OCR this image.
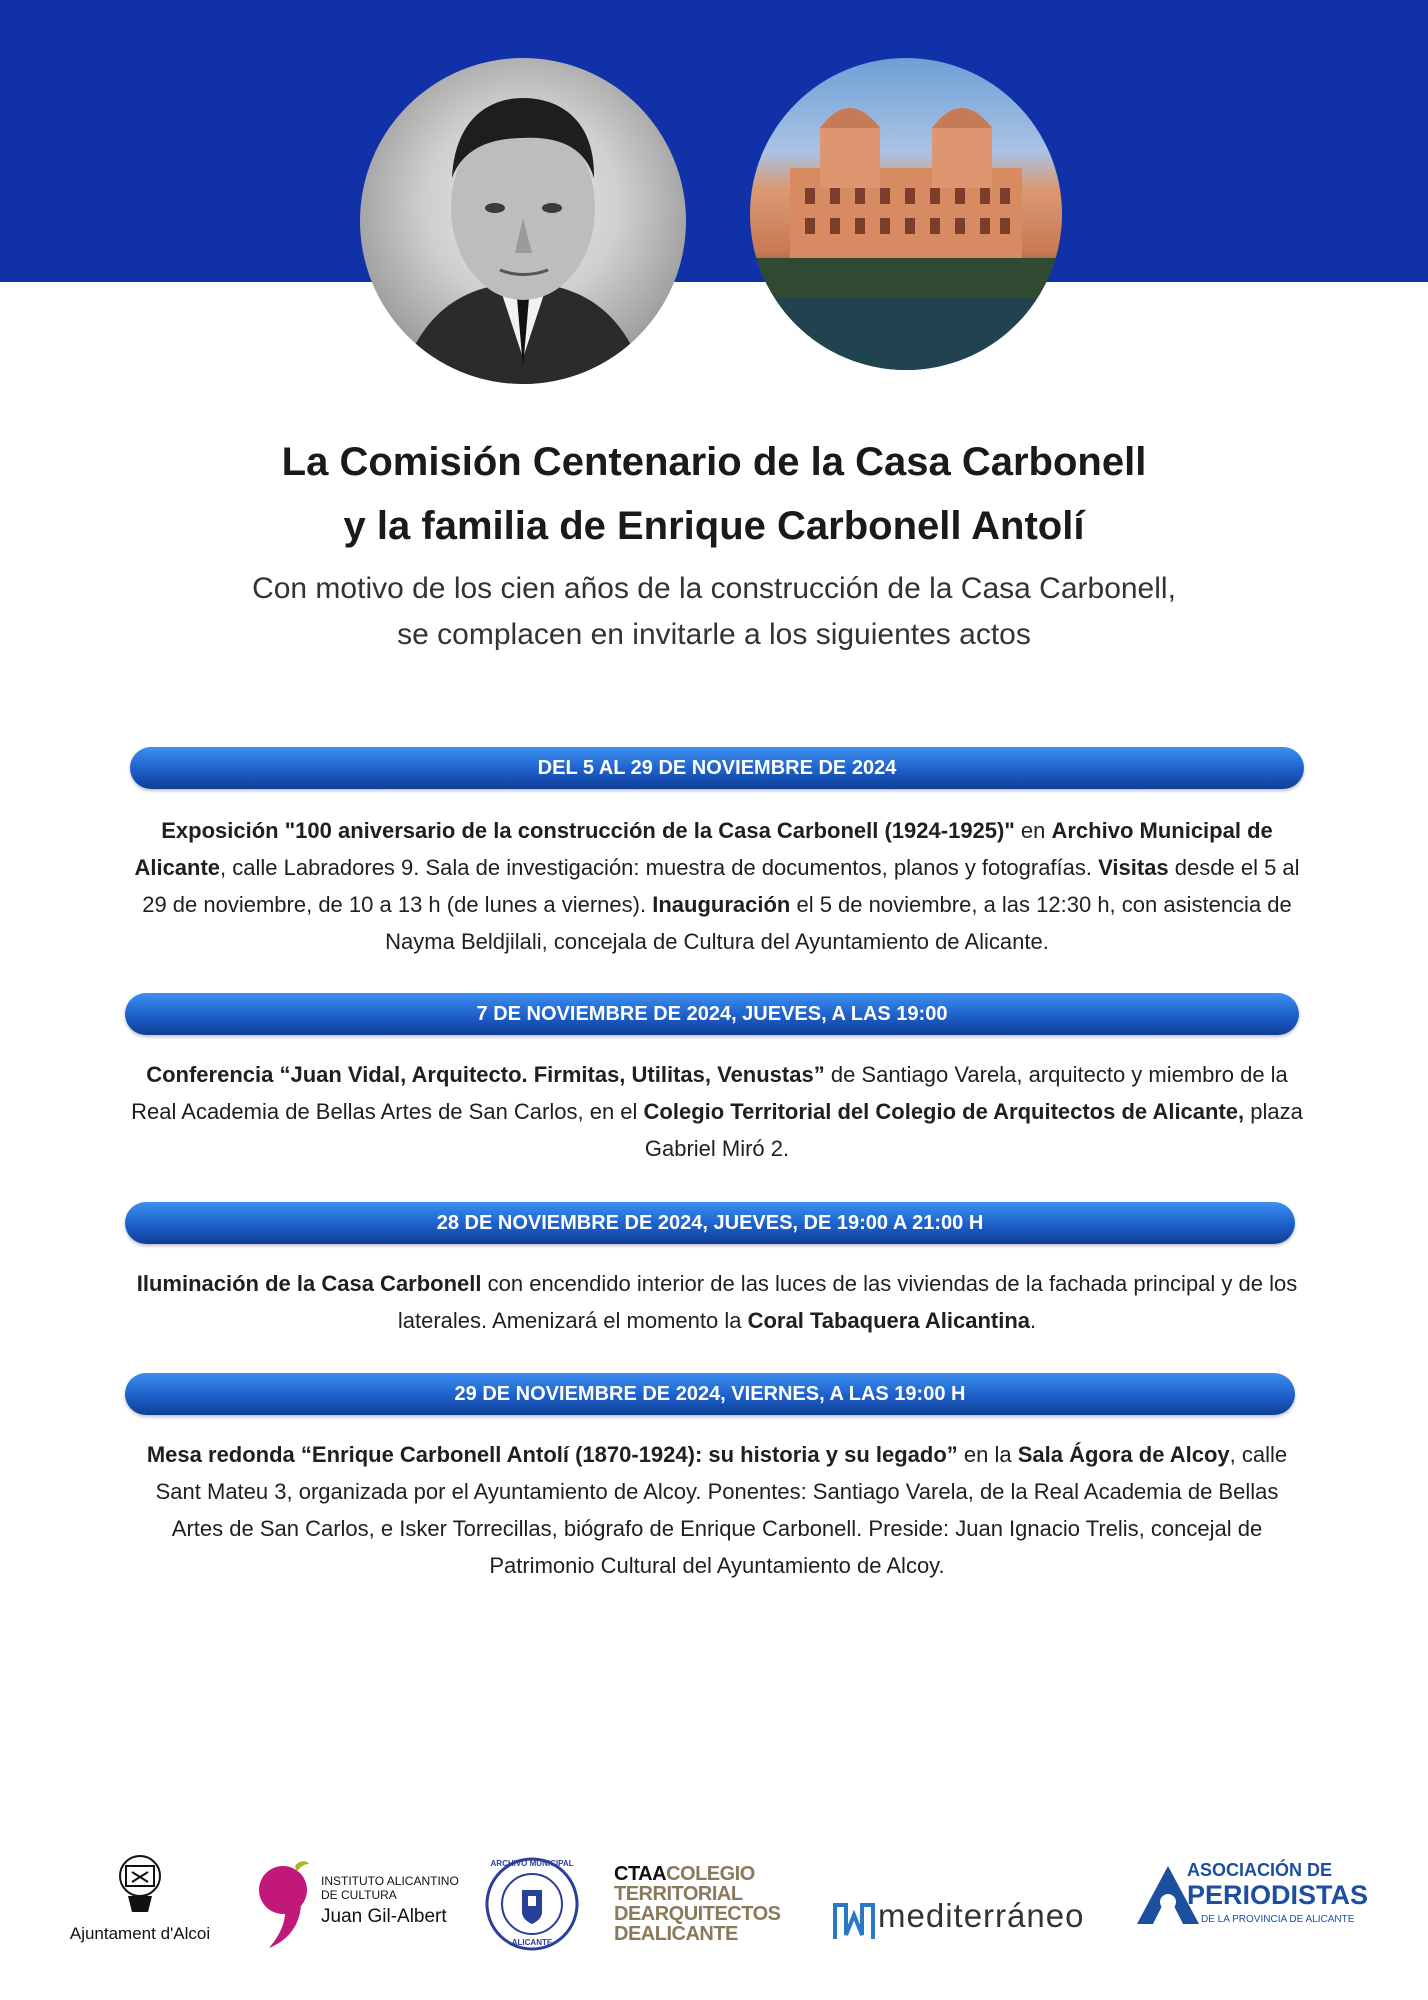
La Comisión Centenario de la Casa Carbonell
y la familia de Enrique Carbonell Antolí
Con motivo de los cien años de la construcción de la Casa Carbonell,
se complacen en invitarle a los siguientes actos
DEL 5 AL 29 DE NOVIEMBRE DE 2024
Exposición "100 aniversario de la construcción de la Casa Carbonell (1924-1925)" en Archivo Municipal de Alicante, calle Labradores 9. Sala de investigación: muestra de documentos, planos y fotografías. Visitas desde el 5 al 29 de noviembre, de 10 a 13 h (de lunes a viernes). Inauguración el 5 de noviembre, a las 12:30 h, con asistencia de Nayma Beldjilali, concejala de Cultura del Ayuntamiento de Alicante.
7 DE NOVIEMBRE DE 2024, JUEVES, A LAS 19:00
Conferencia “Juan Vidal, Arquitecto. Firmitas, Utilitas, Venustas” de Santiago Varela, arquitecto y miembro de la Real Academia de Bellas Artes de San Carlos, en el Colegio Territorial del Colegio de Arquitectos de Alicante, plaza Gabriel Miró 2.
28 DE NOVIEMBRE DE 2024, JUEVES, DE 19:00 A 21:00 H
Iluminación de la Casa Carbonell con encendido interior de las luces de las viviendas de la fachada principal y de los laterales. Amenizará el momento la Coral Tabaquera Alicantina.
29 DE NOVIEMBRE DE 2024, VIERNES, A LAS 19:00 H
Mesa redonda “Enrique Carbonell Antolí (1870-1924): su historia y su legado” en la Sala Ágora de Alcoy, calle Sant Mateu 3, organizada por el Ayuntamiento de Alcoy. Ponentes: Santiago Varela, de la Real Academia de Bellas Artes de San Carlos, e Isker Torrecillas, biógrafo de Enrique Carbonell. Preside: Juan Ignacio Trelis, concejal de Patrimonio Cultural del Ayuntamiento de Alcoy.
Ajuntament d'Alcoi
INSTITUTO ALICANTINO
DE CULTURA
Juan Gil-Albert
ARCHIVO MUNICIPAL
ALICANTE
CTAACOLEGIO
TERRITORIAL
DEARQUITECTOS
DEALICANTE	mediterráneo
ASOCIACIÓN DE
PERIODISTAS
DE LA PROVINCIA DE ALICANTE
